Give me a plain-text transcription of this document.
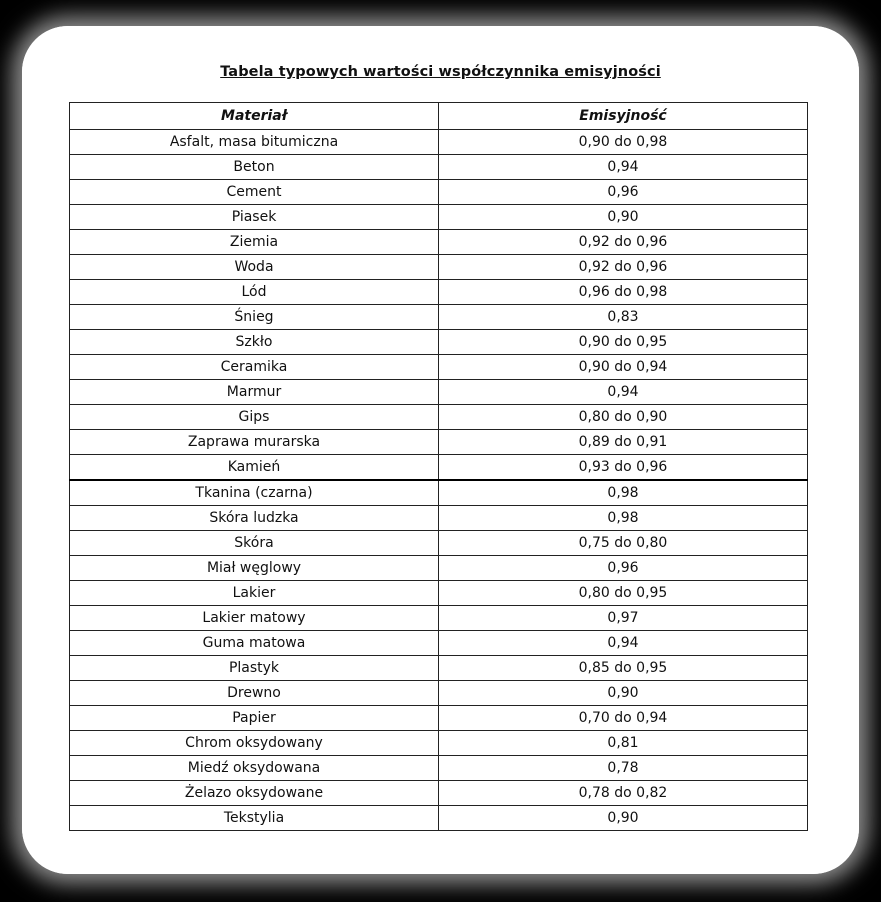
Tabela typowych wartości współczynnika emisyjności
Materiał	Emisyjność
Asfalt, masa bitumiczna	0,90 do 0,98
Beton	0,94
Cement	0,96
Piasek	0,90
Ziemia	0,92 do 0,96
Woda	0,92 do 0,96
Lód	0,96 do 0,98
Śnieg	0,83
Szkło	0,90 do 0,95
Ceramika	0,90 do 0,94
Marmur	0,94
Gips	0,80 do 0,90
Zaprawa murarska	0,89 do 0,91
Kamień	0,93 do 0,96
Tkanina (czarna)	0,98
Skóra ludzka	0,98
Skóra	0,75 do 0,80
Miał węglowy	0,96
Lakier	0,80 do 0,95
Lakier matowy	0,97
Guma matowa	0,94
Plastyk	0,85 do 0,95
Drewno	0,90
Papier	0,70 do 0,94
Chrom oksydowany	0,81
Miedź oksydowana	0,78
Żelazo oksydowane	0,78 do 0,82
Tekstylia	0,90
